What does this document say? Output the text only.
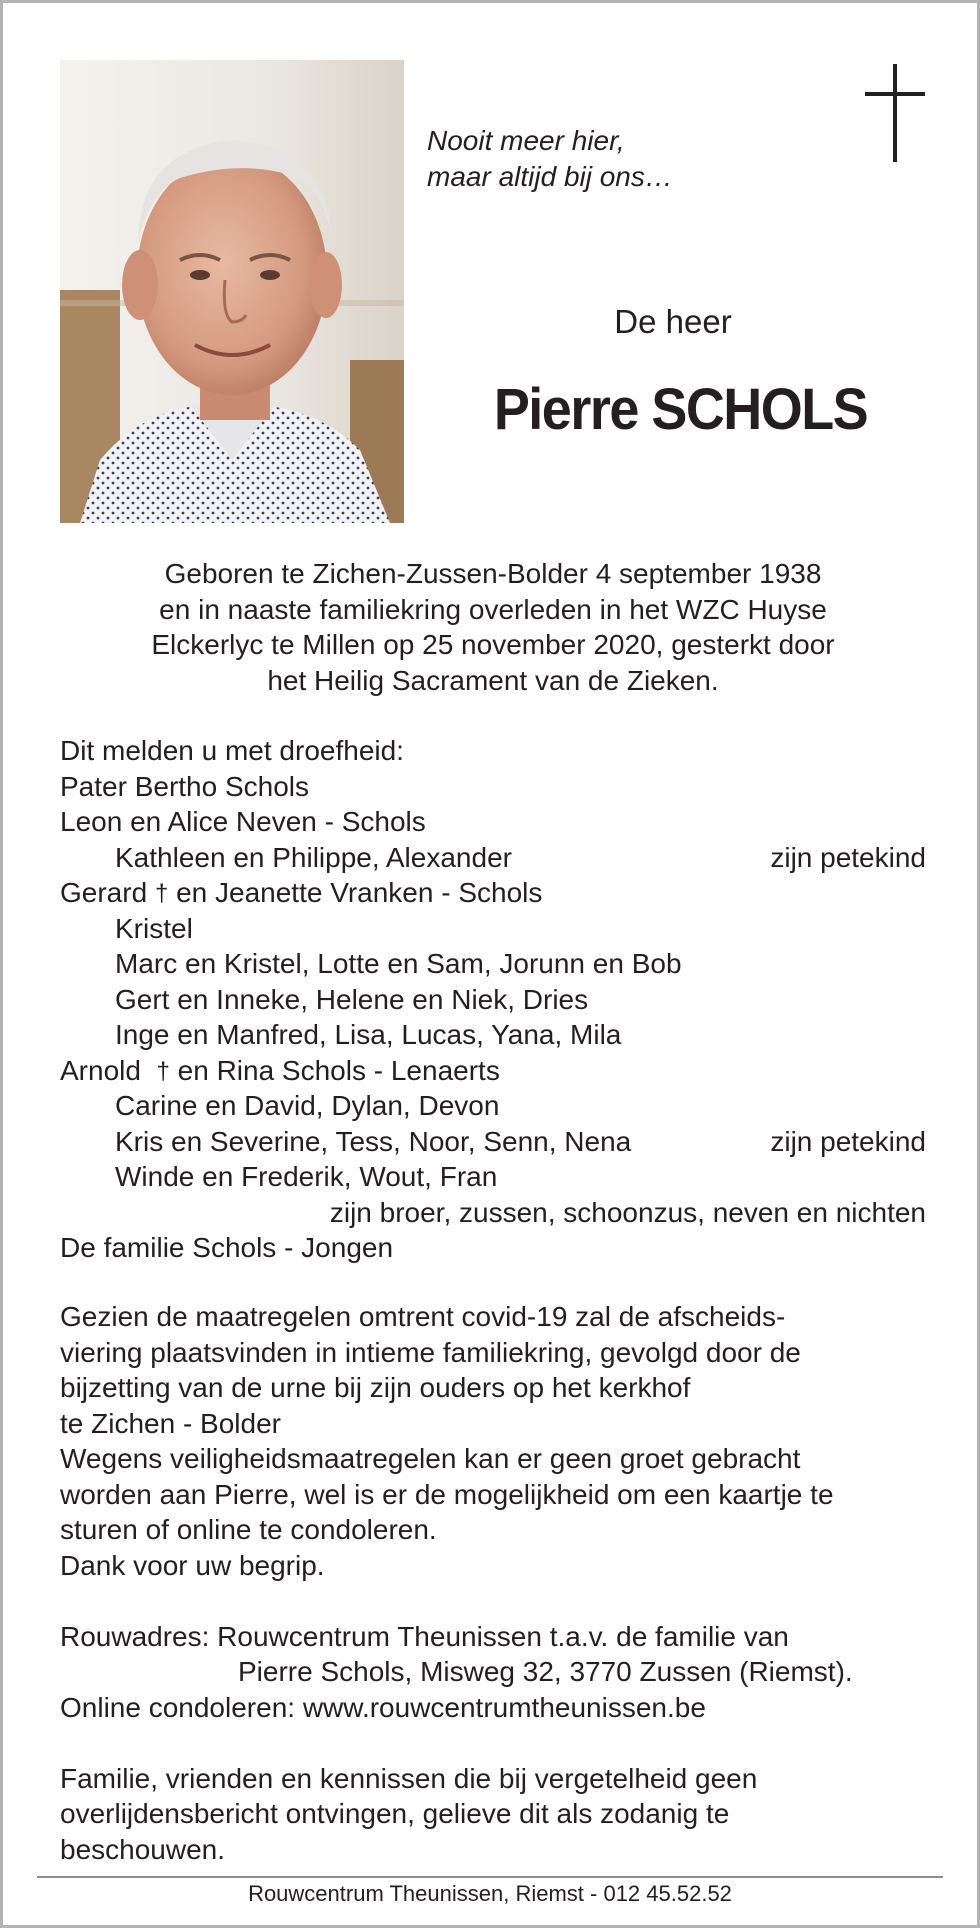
Nooit meer hier,
maar altijd bij ons…
De heer
Pierre SCHOLS
Geboren te Zichen-Zussen-Bolder 4 september 1938
en in naaste familiekring overleden in het WZC Huyse
Elckerlyc te Millen op 25 november 2020, gesterkt door
het Heilig Sacrament van de Zieken.
Dit melden u met droefheid:
Pater Bertho Schols
Leon en Alice Neven - Schols
Kathleen en Philippe, Alexander	zijn petekind
Gerard † en Jeanette Vranken - Schols
Kristel
Marc en Kristel, Lotte en Sam, Jorunn en Bob
Gert en Inneke, Helene en Niek, Dries
Inge en Manfred, Lisa, Lucas, Yana, Mila
Arnold † en Rina Schols - Lenaerts
Carine en David, Dylan, Devon
Kris en Severine, Tess, Noor, Senn, Nena	zijn petekind
Winde en Frederik, Wout, Fran
zijn broer, zussen, schoonzus, neven en nichten
De familie Schols - Jongen
Gezien de maatregelen omtrent covid-19 zal de afscheids-
viering plaatsvinden in intieme familiekring, gevolgd door de
bijzetting van de urne bij zijn ouders op het kerkhof
te Zichen - Bolder
Wegens veiligheidsmaatregelen kan er geen groet gebracht
worden aan Pierre, wel is er de mogelijkheid om een kaartje te
sturen of online te condoleren.
Dank voor uw begrip.
Rouwadres: Rouwcentrum Theunissen t.a.v. de familie van
Pierre Schols, Misweg 32, 3770 Zussen (Riemst).
Online condoleren: www.rouwcentrumtheunissen.be
Familie, vrienden en kennissen die bij vergetelheid geen
overlijdensbericht ontvingen, gelieve dit als zodanig te
beschouwen.
Rouwcentrum Theunissen, Riemst - 012 45.52.52
